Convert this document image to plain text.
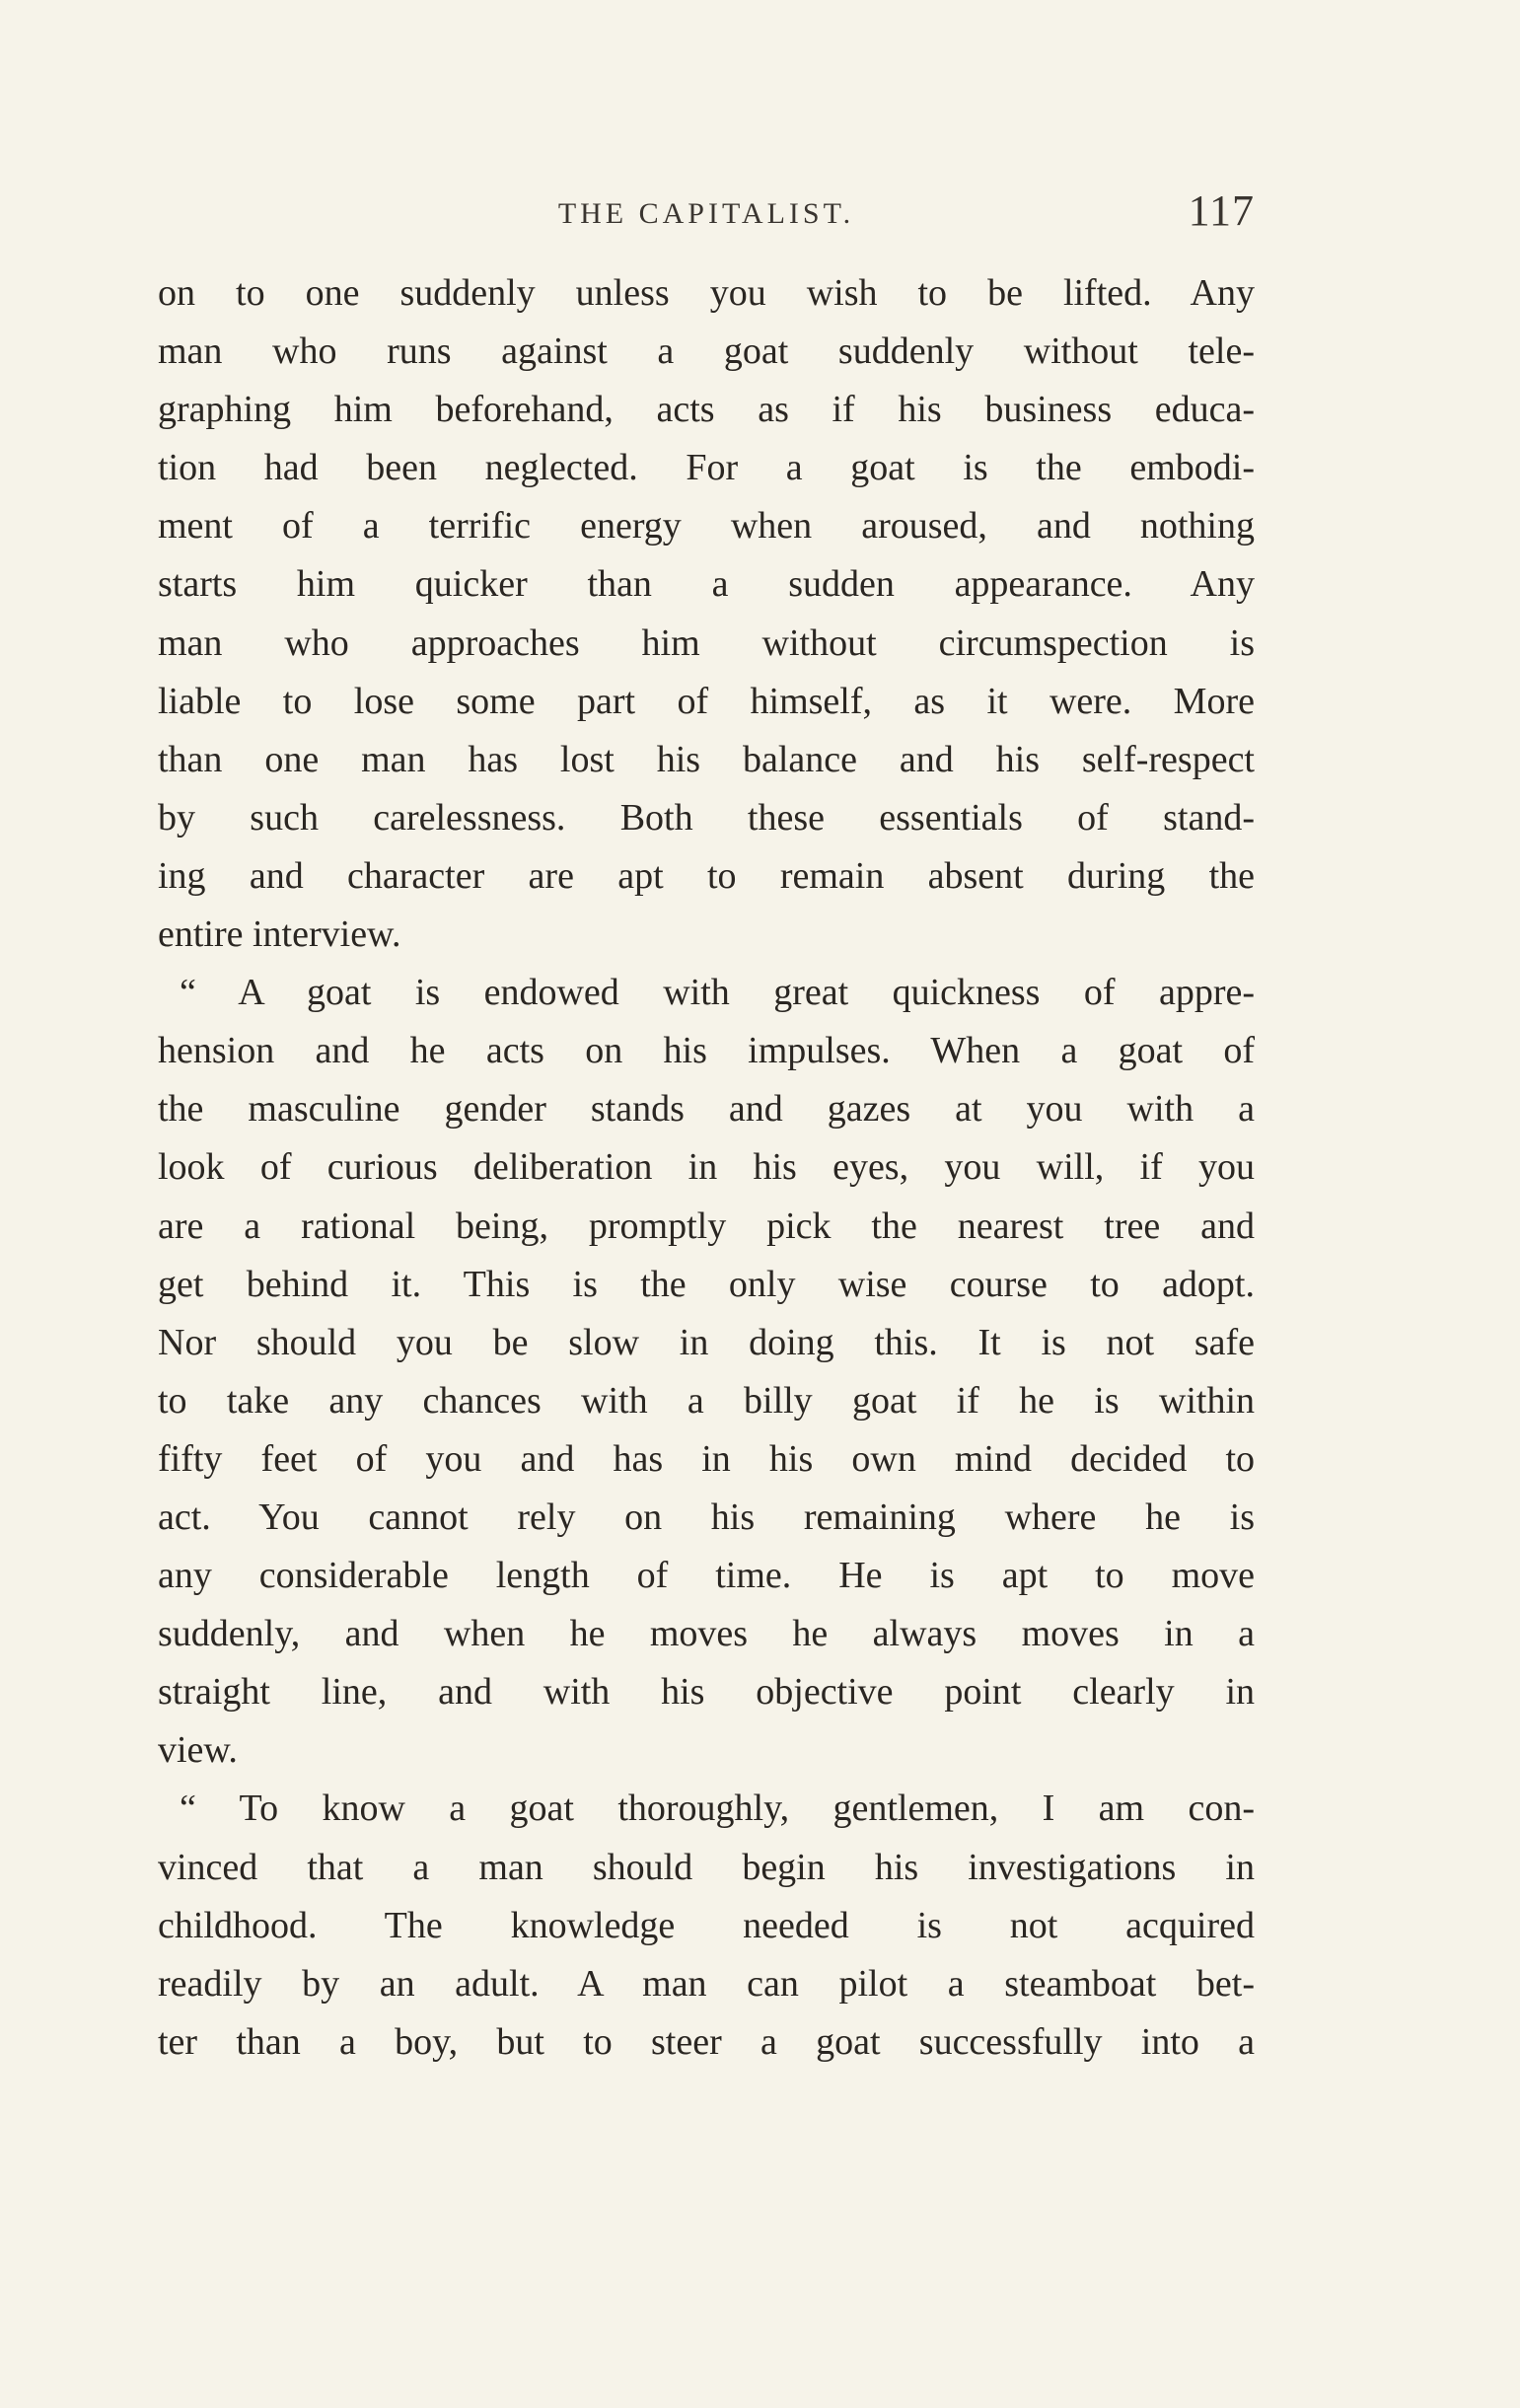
THE CAPITALIST.	117
on to one suddenly unless you wish to be lifted. Any
man who runs against a goat suddenly without tele-
graphing him beforehand, acts as if his business educa-
tion had been neglected. For a goat is the embodi-
ment of a terrific energy when aroused, and nothing
starts him quicker than a sudden appearance. Any
man who approaches him without circumspection is
liable to lose some part of himself, as it were. More
than one man has lost his balance and his self-respect
by such carelessness. Both these essentials of stand-
ing and character are apt to remain absent during the
entire interview.
“ A goat is endowed with great quickness of appre-
hension and he acts on his impulses. When a goat of
the masculine gender stands and gazes at you with a
look of curious deliberation in his eyes, you will, if you
are a rational being, promptly pick the nearest tree and
get behind it. This is the only wise course to adopt.
Nor should you be slow in doing this. It is not safe
to take any chances with a billy goat if he is within
fifty feet of you and has in his own mind decided to
act. You cannot rely on his remaining where he is
any considerable length of time. He is apt to move
suddenly, and when he moves he always moves in a
straight line, and with his objective point clearly in
view.
“ To know a goat thoroughly, gentlemen, I am con-
vinced that a man should begin his investigations in
childhood. The knowledge needed is not acquired
readily by an adult. A man can pilot a steamboat bet-
ter than a boy, but to steer a goat successfully into a
